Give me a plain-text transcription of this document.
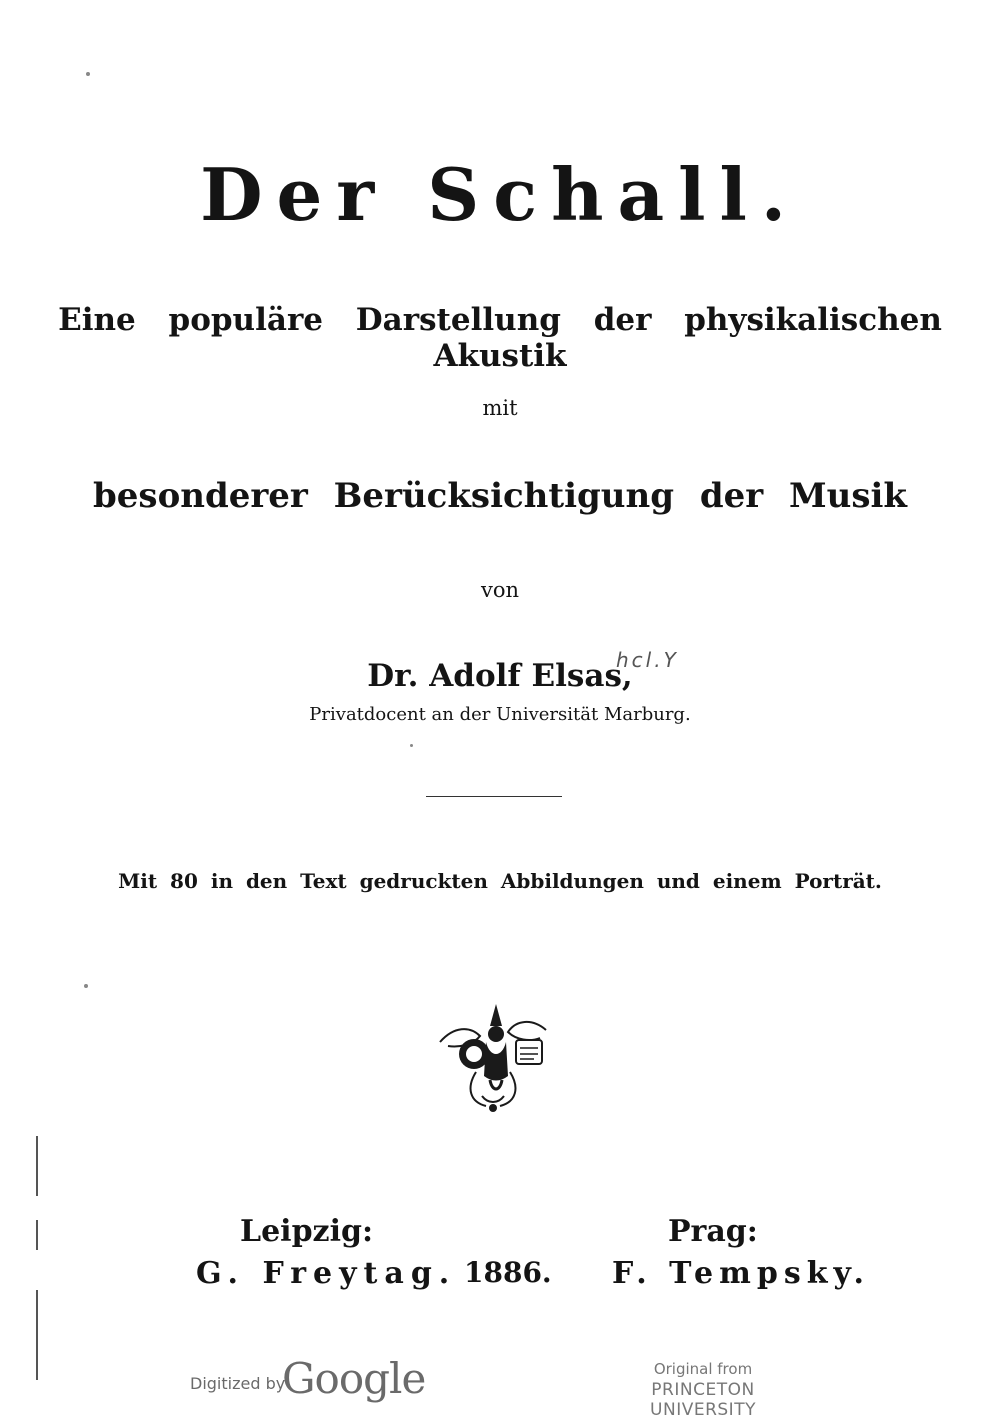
Der Schall.
Eine populäre Darstellung der physikalischen Akustik
mit
besonderer Berücksichtigung der Musik
von
Dr. Adolf Elsas,
hcl.Y
Privatdocent an der Universität Marburg.
Mit 80 in den Text gedruckten Abbildungen und einem Porträt.
Leipzig:
G. Freytag. 1886.
Prag:
F. Tempsky.
Digitized by
Google	Original from
PRINCETON UNIVERSITY
